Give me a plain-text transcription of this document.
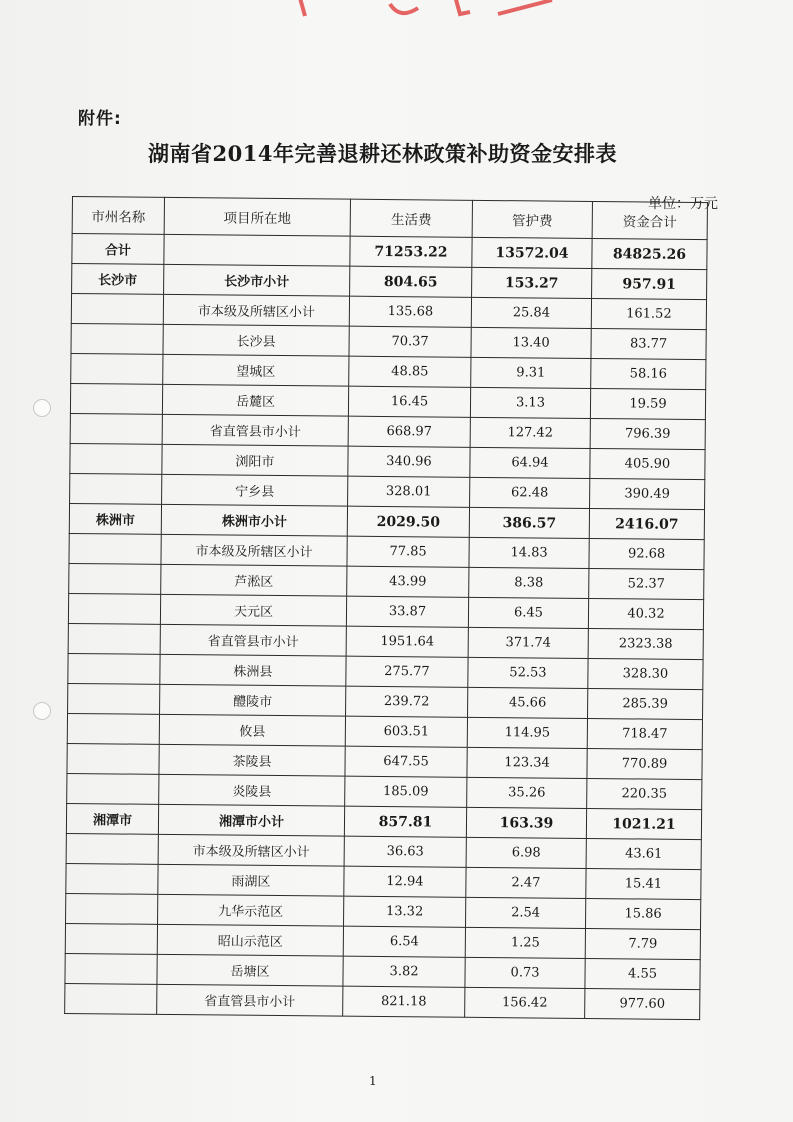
附件:
湖南省2014年完善退耕还林政策补助资金安排表
单位：万元
市州名称	项目所在地	生活费	管护费	资金合计
合计		71253.22	13572.04	84825.26
长沙市	长沙市小计	804.65	153.27	957.91
	市本级及所辖区小计	135.68	25.84	161.52
	长沙县	70.37	13.40	83.77
	望城区	48.85	9.31	58.16
	岳麓区	16.45	3.13	19.59
	省直管县市小计	668.97	127.42	796.39
	浏阳市	340.96	64.94	405.90
	宁乡县	328.01	62.48	390.49
株洲市	株洲市小计	2029.50	386.57	2416.07
	市本级及所辖区小计	77.85	14.83	92.68
	芦淞区	43.99	8.38	52.37
	天元区	33.87	6.45	40.32
	省直管县市小计	1951.64	371.74	2323.38
	株洲县	275.77	52.53	328.30
	醴陵市	239.72	45.66	285.39
	攸县	603.51	114.95	718.47
	茶陵县	647.55	123.34	770.89
	炎陵县	185.09	35.26	220.35
湘潭市	湘潭市小计	857.81	163.39	1021.21
	市本级及所辖区小计	36.63	6.98	43.61
	雨湖区	12.94	2.47	15.41
	九华示范区	13.32	2.54	15.86
	昭山示范区	6.54	1.25	7.79
	岳塘区	3.82	0.73	4.55
	省直管县市小计	821.18	156.42	977.60
1
